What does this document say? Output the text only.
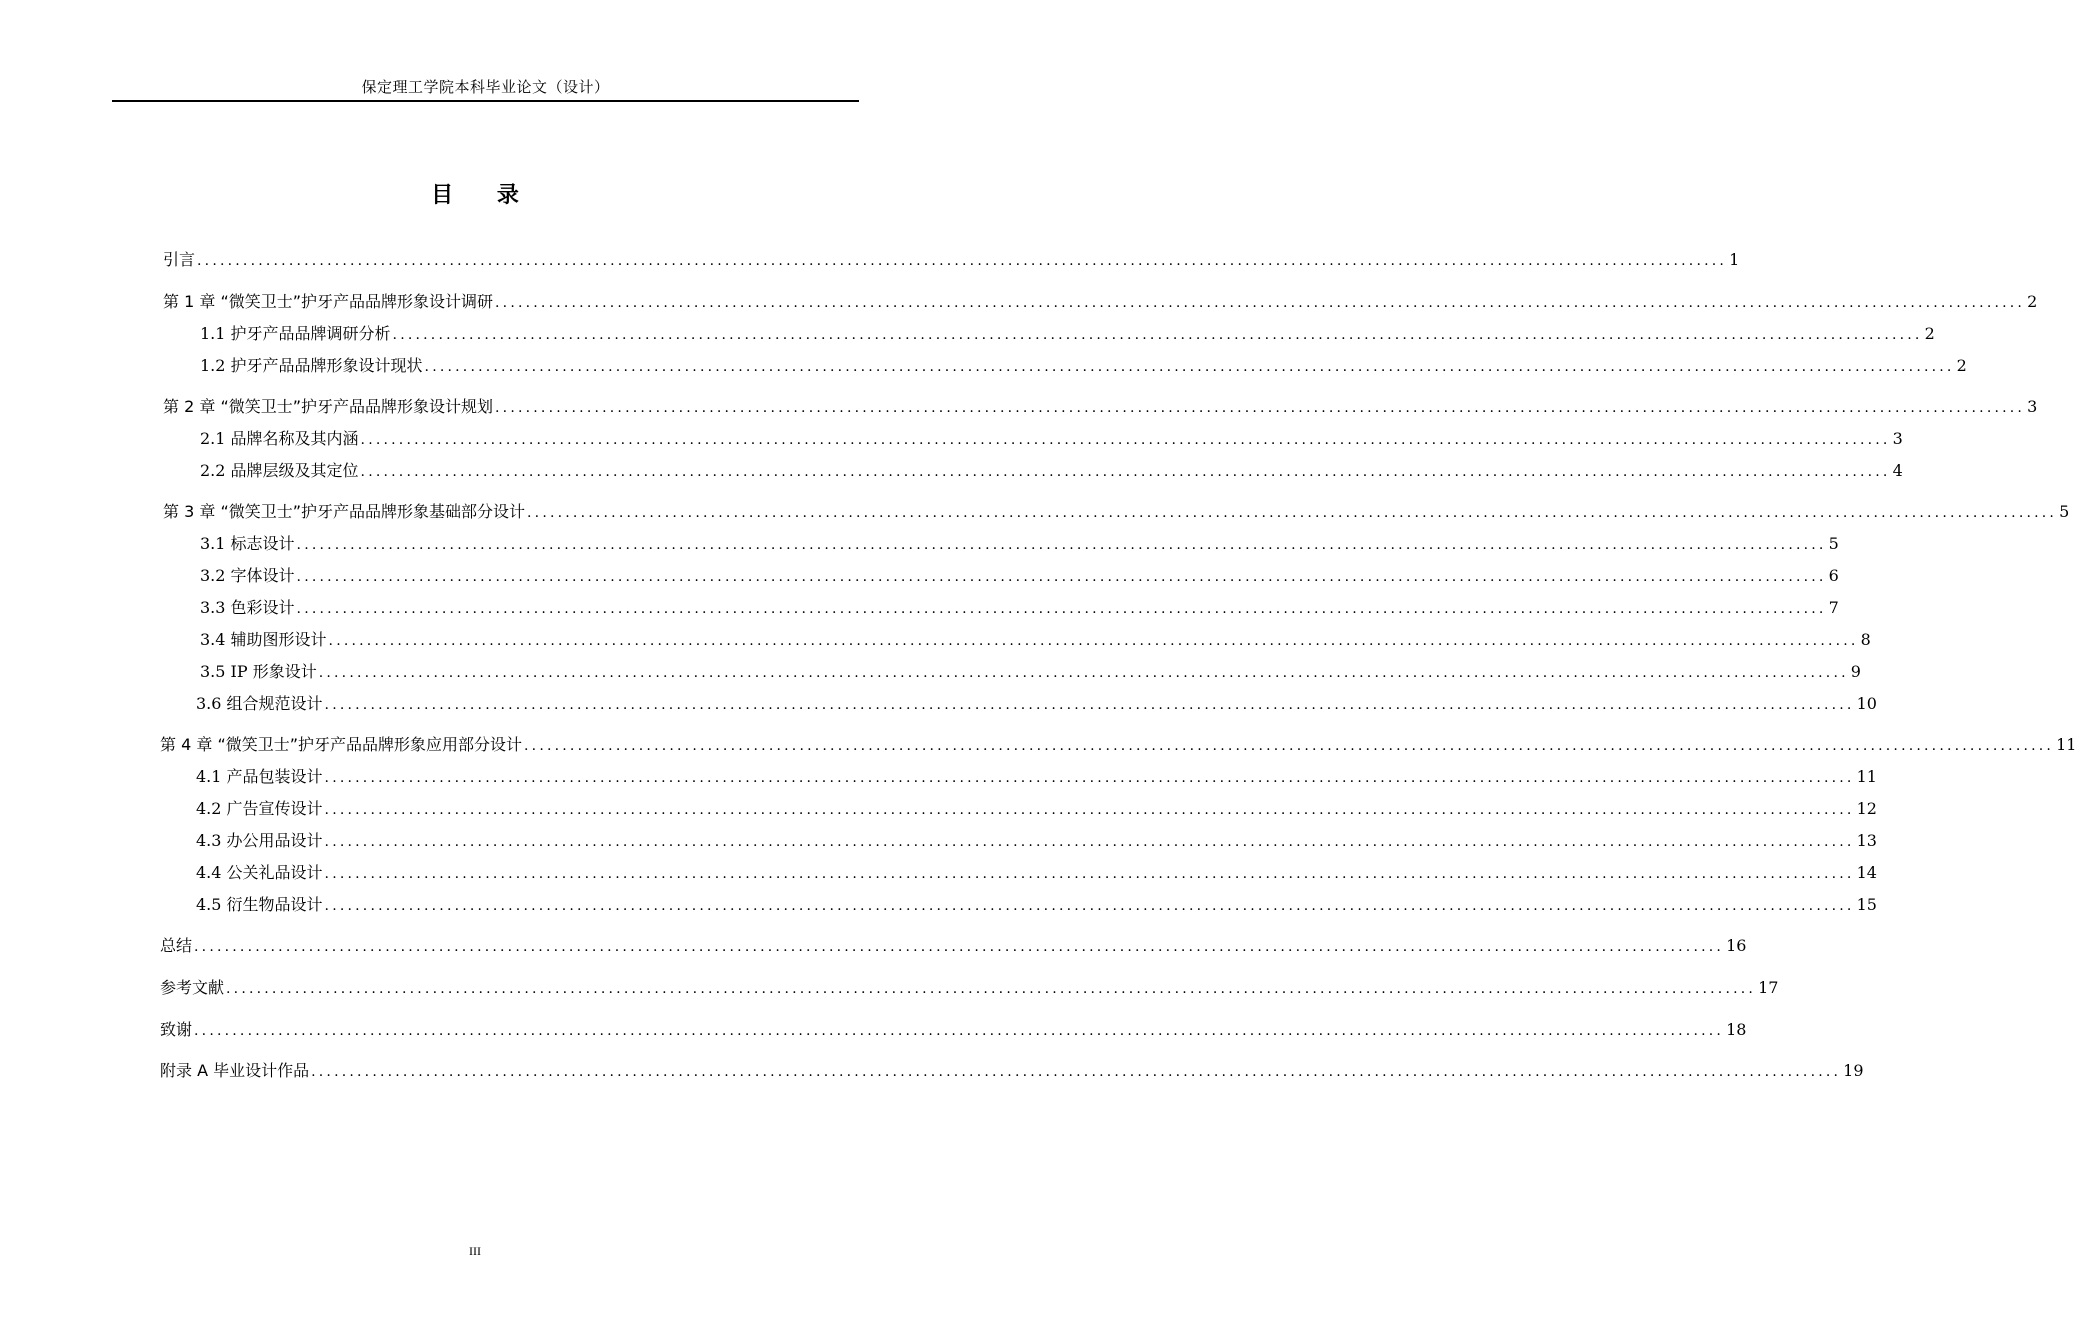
保定理工学院本科毕业论文（设计）
目 录
引言 ........................................................................................................................................................................................................ 1
第 1 章 “微笑卫士”护牙产品品牌形象设计调研 ........................................................................................................................................................................................................ 2
1.1 护牙产品品牌调研分析 ........................................................................................................................................................................................................ 2
1.2 护牙产品品牌形象设计现状 ........................................................................................................................................................................................................ 2
第 2 章 “微笑卫士”护牙产品品牌形象设计规划 ........................................................................................................................................................................................................ 3
2.1 品牌名称及其内涵 ........................................................................................................................................................................................................ 3
2.2 品牌层级及其定位 ........................................................................................................................................................................................................ 4
第 3 章 “微笑卫士”护牙产品品牌形象基础部分设计 ........................................................................................................................................................................................................ 5
3.1 标志设计 ........................................................................................................................................................................................................ 5
3.2 字体设计 ........................................................................................................................................................................................................ 6
3.3 色彩设计 ........................................................................................................................................................................................................ 7
3.4 辅助图形设计 ........................................................................................................................................................................................................ 8
3.5 IP 形象设计 ........................................................................................................................................................................................................ 9
3.6 组合规范设计 ........................................................................................................................................................................................................ 10
第 4 章 “微笑卫士”护牙产品品牌形象应用部分设计 ........................................................................................................................................................................................................ 11
4.1 产品包装设计 ........................................................................................................................................................................................................ 11
4.2 广告宣传设计 ........................................................................................................................................................................................................ 12
4.3 办公用品设计 ........................................................................................................................................................................................................ 13
4.4 公关礼品设计 ........................................................................................................................................................................................................ 14
4.5 衍生物品设计 ........................................................................................................................................................................................................ 15
总结 ........................................................................................................................................................................................................ 16
参考文献 ........................................................................................................................................................................................................ 17
致谢 ........................................................................................................................................................................................................ 18
附录 A 毕业设计作品 ........................................................................................................................................................................................................ 19
III
